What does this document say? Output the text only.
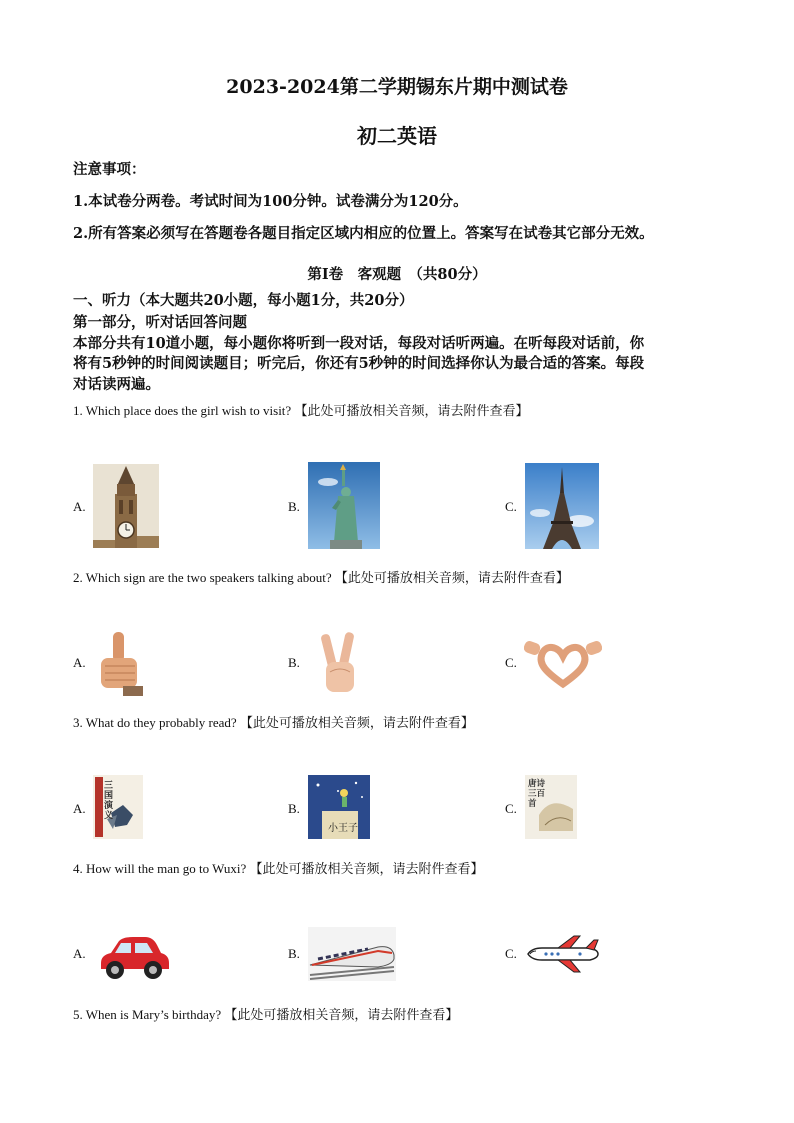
2023-2024第二学期锡东片期中测试卷
初二英语
注意事项：
1.本试卷分两卷。考试时间为100分钟。试卷满分为120分。
2.所有答案必须写在答题卷各题目指定区域内相应的位置上。答案写在试卷其它部分无效。
第Ⅰ卷　客观题　（共80分）
一、听力（本大题共20小题，每小题1分，共20分）
第一部分，听对话回答问题
本部分共有10道小题，每小题你将听到一段对话，每段对话听两遍。在听每段对话前，你
将有5秒钟的时间阅读题目；听完后，你还有5秒钟的时间选择你认为最合适的答案。每段
对话读两遍。
1. Which place does the girl wish to visit? 【此处可播放相关音频，请去附件查看】
A.	B.	C.
2. Which sign are the two speakers talking about? 【此处可播放相关音频，请去附件查看】
A.	B.	C.
3. What do they probably read? 【此处可播放相关音频，请去附件查看】
A.	B.	C.
三国演义
小王子
唐诗三百首
4. How will the man go to Wuxi? 【此处可播放相关音频，请去附件查看】
A.	B.	C.
5. When is Mary’s birthday? 【此处可播放相关音频，请去附件查看】
